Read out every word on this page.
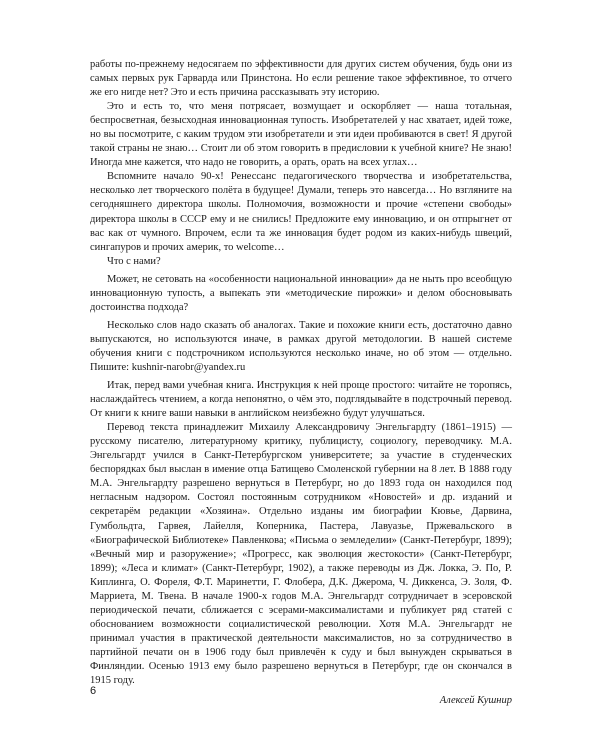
работы по-прежнему недосягаем по эффективности для других систем обучения, будь они из самых первых рук Гарварда или Принстона. Но если решение такое эффективное, то отчего же его нигде нет? Это и есть причина рассказывать эту историю.

Это и есть то, что меня потрясает, возмущает и оскорбляет — наша тотальная, беспросветная, безысходная инновационная тупость. Изобретателей у нас хватает, идей тоже, но вы посмотрите, с каким трудом эти изобретатели и эти идеи пробиваются в свет! Я другой такой страны не знаю… Стоит ли об этом говорить в предисловии к учебной книге? Не знаю! Иногда мне кажется, что надо не говорить, а орать, орать на всех углах…

Вспомните начало 90-х! Ренессанс педагогического творчества и изобретательства, несколько лет творческого полёта в будущее! Думали, теперь это навсегда… Но взгляните на сегодняшнего директора школы. Полномочия, возможности и прочие «степени свободы» директора школы в СССР ему и не снились! Предложите ему инновацию, и он отпрыгнет от вас как от чумного. Впрочем, если та же инновация будет родом из каких-нибудь швеций, сингапуров и прочих америк, то welcome…

Что с нами?

Может, не сетовать на «особенности национальной инновации» да не ныть про всеобщую инновационную тупость, а выпекать эти «методические пирожки» и делом обосновывать достоинства подхода?

Несколько слов надо сказать об аналогах. Такие и похожие книги есть, достаточно давно выпускаются, но используются иначе, в рамках другой методологии. В нашей системе обучения книги с подстрочником используются несколько иначе, но об этом — отдельно. Пишите: kushnir-narobr@yandex.ru

Итак, перед вами учебная книга. Инструкция к ней проще простого: читайте не торопясь, наслаждайтесь чтением, а когда непонятно, о чём это, подглядывайте в подстрочный перевод. От книги к книге ваши навыки в английском неизбежно будут улучшаться.

Перевод текста принадлежит Михаилу Александровичу Энгельгардту (1861–1915) — русскому писателю, литературному критику, публицисту, социологу, переводчику. М.А. Энгельгардт учился в Санкт-Петербургском университете; за участие в студенческих беспорядках был выслан в имение отца Батищево Смоленской губернии на 8 лет. В 1888 году М.А. Энгельгардту разрешено вернуться в Петербург, но до 1893 года он находился под негласным надзором. Состоял постоянным сотрудником «Новостей» и др. изданий и секретарём редакции «Хозяина». Отдельно изданы им биографии Кювье, Дарвина, Гумбольдта, Гарвея, Лайелля, Коперника, Пастера, Лавуазье, Пржевальского в «Биографической Библиотеке» Павленкова; «Письма о земледелии» (Санкт-Петербург, 1899); «Вечный мир и разоружение»; «Прогресс, как эволюция жестокости» (Санкт-Петербург, 1899); «Леса и климат» (Санкт-Петербург, 1902), а также переводы из Дж. Локка, Э. По, Р. Киплинга, О. Фореля, Ф.Т. Маринетти, Г. Флобера, Д.К. Джерома, Ч. Диккенса, Э. Золя, Ф. Марриета, М. Твена. В начале 1900-х годов М.А. Энгельгардт сотрудничает в эсеровской периодической печати, сближается с эсерами-максималистами и публикует ряд статей с обоснованием возможности социалистической революции. Хотя М.А. Энгельгардт не принимал участия в практической деятельности максималистов, но за сотрудничество в партийной печати он в 1906 году был привлечён к суду и был вынужден скрываться в Финляндии. Осенью 1913 ему было разрешено вернуться в Петербург, где он скончался в 1915 году.

Алексей Кушнир
6
